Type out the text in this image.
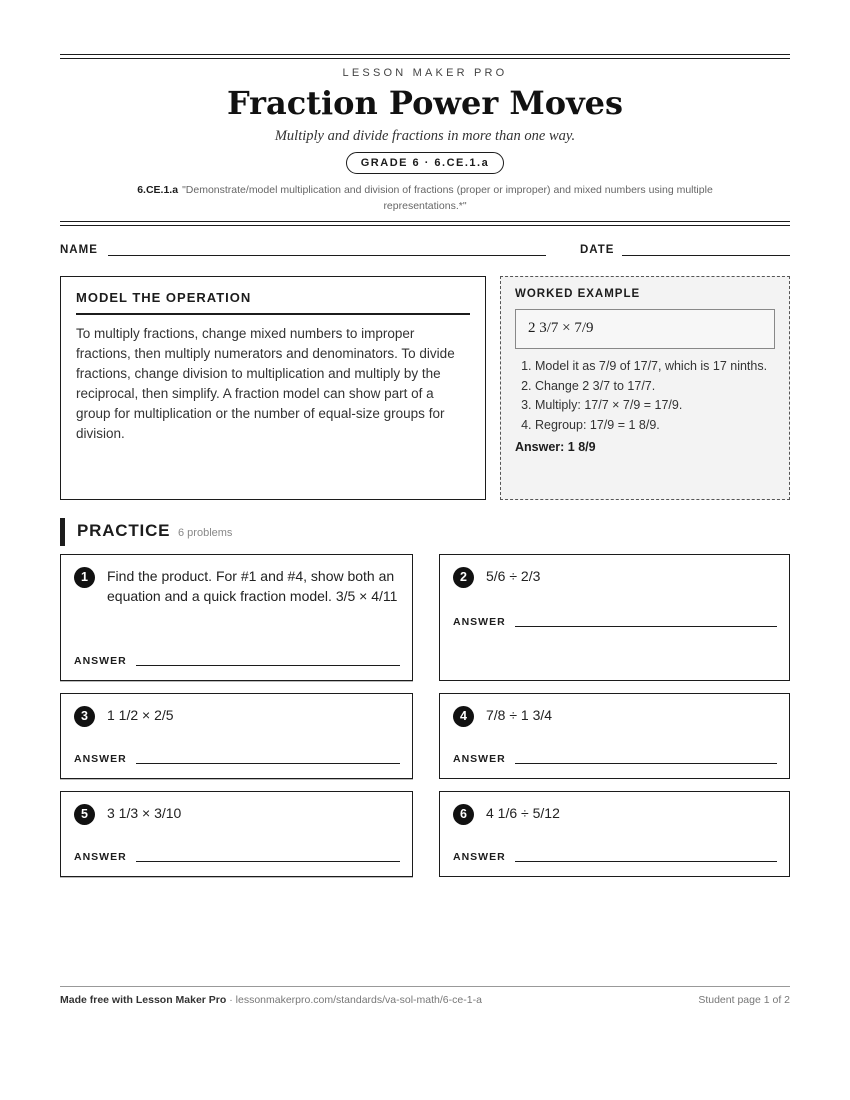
LESSON MAKER PRO
Fraction Power Moves
Multiply and divide fractions in more than one way.
GRADE 6 · 6.CE.1.a
6.CE.1.a "Demonstrate/model multiplication and division of fractions (proper or improper) and mixed numbers using multiple representations.*"
NAME	DATE
MODEL THE OPERATION
To multiply fractions, change mixed numbers to improper fractions, then multiply numerators and denominators. To divide fractions, change division to multiplication and multiply by the reciprocal, then simplify. A fraction model can show part of a group for multiplication or the number of equal-size groups for division.
WORKED EXAMPLE
2 3/7 × 7/9
1. Model it as 7/9 of 17/7, which is 17 ninths.
2. Change 2 3/7 to 17/7.
3. Multiply: 17/7 × 7/9 = 17/9.
4. Regroup: 17/9 = 1 8/9.
Answer: 1 8/9
PRACTICE 6 problems
1	Find the product. For #1 and #4, show both an equation and a quick fraction model. 3/5 × 4/11
ANSWER
2	5/6 ÷ 2/3
ANSWER
3	1 1/2 × 2/5
ANSWER
4	7/8 ÷ 1 3/4
ANSWER
5	3 1/3 × 3/10
ANSWER
6	4 1/6 ÷ 5/12
ANSWER
Made free with Lesson Maker Pro · lessonmakerpro.com/standards/va-sol-math/6-ce-1-a	Student page 1 of 2
